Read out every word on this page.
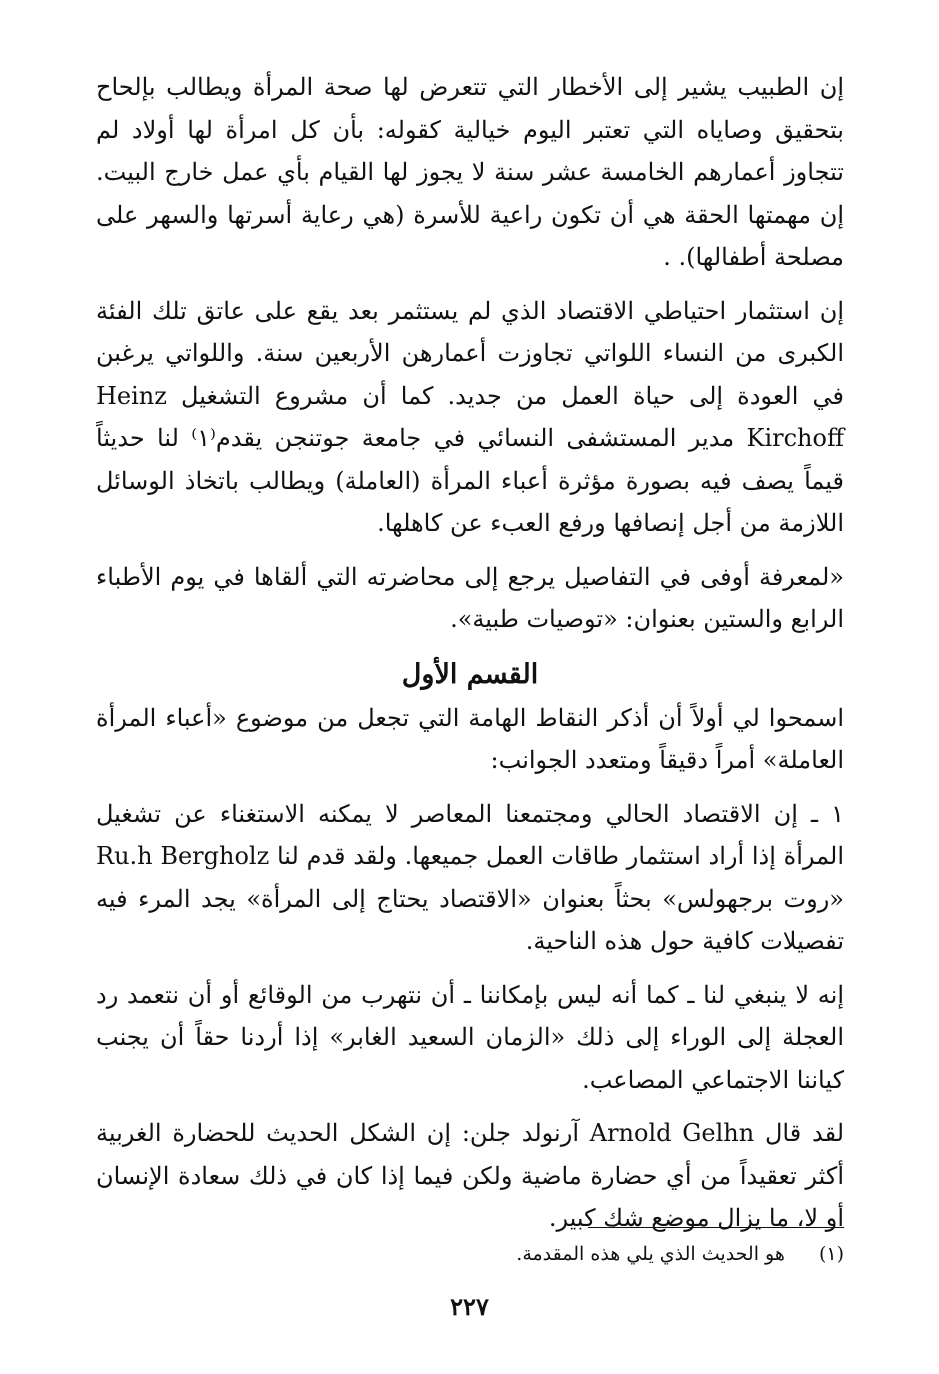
إن الطبيب يشير إلى الأخطار التي تتعرض لها صحة المرأة ويطالب بإلحاح بتحقيق وصاياه التي تعتبر اليوم خيالية كقوله: بأن كل امرأة لها أولاد لم تتجاوز أعمارهم الخامسة عشر سنة لا يجوز لها القيام بأي عمل خارج البيت. إن مهمتها الحقة هي أن تكون راعية للأسرة (هي رعاية أسرتها والسهر على مصلحة أطفالها). .

إن استثمار احتياطي الاقتصاد الذي لم يستثمر بعد يقع على عاتق تلك الفئة الكبرى من النساء اللواتي تجاوزت أعمارهن الأربعين سنة. واللواتي يرغبن في العودة إلى حياة العمل من جديد. كما أن مشروع التشغيل Heinz Kirchoff مدير المستشفى النسائي في جامعة جوتنجن يقدم⁽١⁾ لنا حديثاً قيماً يصف فيه بصورة مؤثرة أعباء المرأة (العاملة) ويطالب باتخاذ الوسائل اللازمة من أجل إنصافها ورفع العبء عن كاهلها.

«لمعرفة أوفى في التفاصيل يرجع إلى محاضرته التي ألقاها في يوم الأطباء الرابع والستين بعنوان: «توصيات طبية».

القسم الأول

اسمحوا لي أولاً أن أذكر النقاط الهامة التي تجعل من موضوع «أعباء المرأة العاملة» أمراً دقيقاً ومتعدد الجوانب:

١ ـ إن الاقتصاد الحالي ومجتمعنا المعاصر لا يمكنه الاستغناء عن تشغيل المرأة إذا أراد استثمار طاقات العمل جميعها. ولقد قدم لنا Ru.h Bergholz «روت برجهولس» بحثاً بعنوان «الاقتصاد يحتاج إلى المرأة» يجد المرء فيه تفصيلات كافية حول هذه الناحية.

إنه لا ينبغي لنا ـ كما أنه ليس بإمكاننا ـ أن نتهرب من الوقائع أو أن نتعمد رد العجلة إلى الوراء إلى ذلك «الزمان السعيد الغابر» إذا أردنا حقاً أن يجنب كياننا الاجتماعي المصاعب.

لقد قال Arnold Gelhn آرنولد جلن: إن الشكل الحديث للحضارة الغربية أكثر تعقيداً من أي حضارة ماضية ولكن فيما إذا كان في ذلك سعادة الإنسان أو لا، ما يزال موضع شك كبير.

(١) هو الحديث الذي يلي هذه المقدمة.
٢٢٧
